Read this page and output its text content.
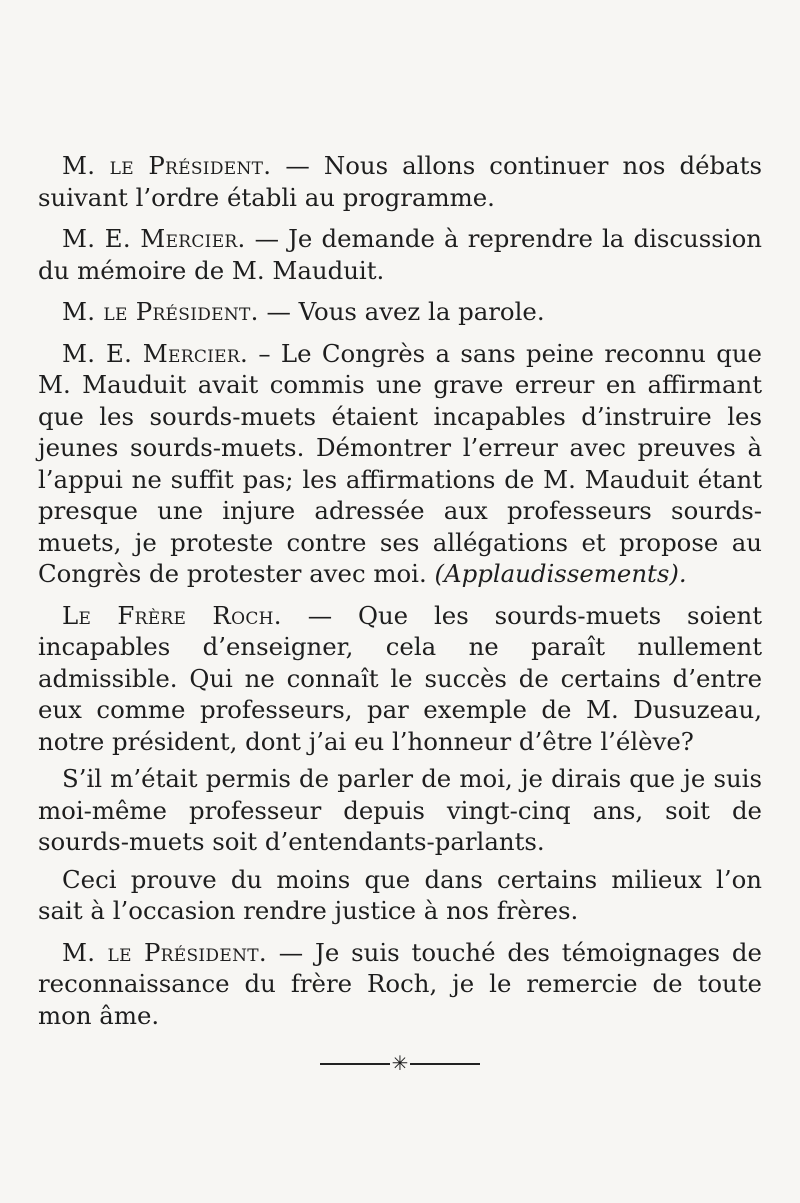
M. le Président. — Nous allons continuer nos débats suivant l’ordre établi au programme.

M. E. Mercier. — Je demande à reprendre la discussion du mémoire de M. Mauduit.

M. le Président. — Vous avez la parole.

M. E. Mercier. – Le Congrès a sans peine reconnu que M. Mauduit avait commis une grave erreur en affirmant que les sourds-muets étaient incapables d’instruire les jeunes sourds-muets. Démontrer l’erreur avec preuves à l’appui ne suffit pas; les affirmations de M. Mauduit étant presque une injure adressée aux professeurs sourds-muets, je proteste contre ses allégations et propose au Congrès de protester avec moi. (Applaudissements).

Le Frère Roch. — Que les sourds-muets soient incapables d’enseigner, cela ne paraît nullement admissible. Qui ne connaît le succès de certains d’entre eux comme professeurs, par exemple de M. Dusuzeau, notre président, dont j’ai eu l’honneur d’être l’élève?

S’il m’était permis de parler de moi, je dirais que je suis moi-même professeur depuis vingt-cinq ans, soit de sourds-muets soit d’entendants-parlants.

Ceci prouve du moins que dans certains milieux l’on sait à l’occasion rendre justice à nos frères.

M. le Président. — Je suis touché des témoignages de reconnaissance du frère Roch, je le remercie de toute mon âme.

✳
